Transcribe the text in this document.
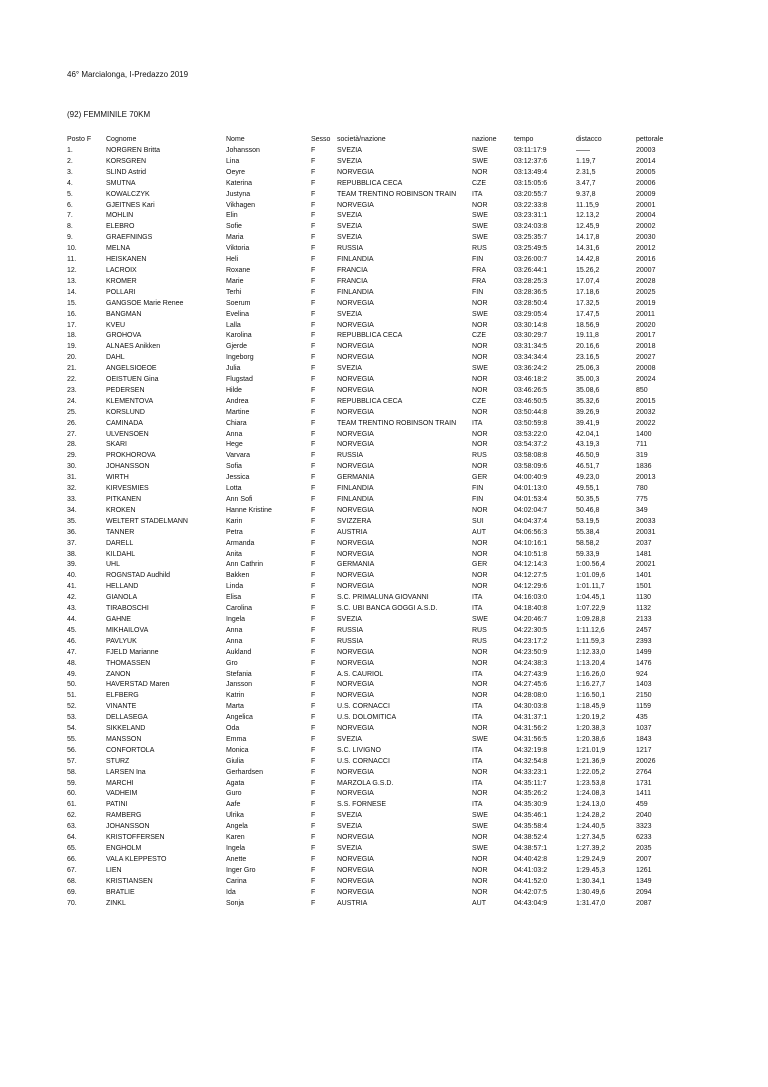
46° Marcialonga, I-Predazzo 2019
(92) FEMMINILE 70KM
Posto F	Cognome	Nome	Sesso	società/nazione	nazione	tempo	distacco	pettorale
1.	NORGREN Britta	Johansson	F	SVEZIA	SWE	03:11:17:9	——	20003
2.	KORSGREN	Lina	F	SVEZIA	SWE	03:12:37:6	1.19,7	20014
3.	SLIND Astrid	Oeyre	F	NORVEGIA	NOR	03:13:49:4	2.31,5	20005
4.	SMUTNA	Katerina	F	REPUBBLICA CECA	CZE	03:15:05:6	3.47,7	20006
5.	KOWALCZYK	Justyna	F	TEAM TRENTINO ROBINSON TRAIN	ITA	03:20:55:7	9.37,8	20009
6.	GJEITNES Kari	Vikhagen	F	NORVEGIA	NOR	03:22:33:8	11.15,9	20001
7.	MOHLIN	Elin	F	SVEZIA	SWE	03:23:31:1	12.13,2	20004
8.	ELEBRO	Sofie	F	SVEZIA	SWE	03:24:03:8	12.45,9	20002
9.	GRAEFNINGS	Maria	F	SVEZIA	SWE	03:25:35:7	14.17,8	20030
10.	MELNA	Viktoria	F	RUSSIA	RUS	03:25:49:5	14.31,6	20012
11.	HEISKANEN	Heli	F	FINLANDIA	FIN	03:26:00:7	14.42,8	20016
12.	LACROIX	Roxane	F	FRANCIA	FRA	03:26:44:1	15.26,2	20007
13.	KROMER	Marie	F	FRANCIA	FRA	03:28:25:3	17.07,4	20028
14.	POLLARI	Terhi	F	FINLANDIA	FIN	03:28:36:5	17.18,6	20025
15.	GANGSOE Marie Renee	Soerum	F	NORVEGIA	NOR	03:28:50:4	17.32,5	20019
16.	BANGMAN	Evelina	F	SVEZIA	SWE	03:29:05:4	17.47,5	20011
17.	KVEU	Lalla	F	NORVEGIA	NOR	03:30:14:8	18.56,9	20020
18.	GROHOVA	Karolina	F	REPUBBLICA CECA	CZE	03:30:29:7	19.11,8	20017
19.	ALNAES Anikken	Gjerde	F	NORVEGIA	NOR	03:31:34:5	20.16,6	20018
20.	DAHL	Ingeborg	F	NORVEGIA	NOR	03:34:34:4	23.16,5	20027
21.	ANGELSIOEOE	Julia	F	SVEZIA	SWE	03:36:24:2	25.06,3	20008
22.	OEISTUEN Gina	Flugstad	F	NORVEGIA	NOR	03:46:18:2	35.00,3	20024
23.	PEDERSEN	Hilde	F	NORVEGIA	NOR	03:46:26:5	35.08,6	850
24.	KLEMENTOVA	Andrea	F	REPUBBLICA CECA	CZE	03:46:50:5	35.32,6	20015
25.	KORSLUND	Martine	F	NORVEGIA	NOR	03:50:44:8	39.26,9	20032
26.	CAMINADA	Chiara	F	TEAM TRENTINO ROBINSON TRAIN	ITA	03:50:59:8	39.41,9	20022
27.	ULVENSOEN	Anna	F	NORVEGIA	NOR	03:53:22:0	42.04,1	1400
28.	SKARI	Hege	F	NORVEGIA	NOR	03:54:37:2	43.19,3	711
29.	PROKHOROVA	Varvara	F	RUSSIA	RUS	03:58:08:8	46.50,9	319
30.	JOHANSSON	Sofia	F	NORVEGIA	NOR	03:58:09:6	46.51,7	1836
31.	WIRTH	Jessica	F	GERMANIA	GER	04:00:40:9	49.23,0	20013
32.	KIRVESMIES	Lotta	F	FINLANDIA	FIN	04:01:13:0	49.55,1	780
33.	PITKANEN	Ann Sofi	F	FINLANDIA	FIN	04:01:53:4	50.35,5	775
34.	KROKEN	Hanne Kristine	F	NORVEGIA	NOR	04:02:04:7	50.46,8	349
35.	WELTERT STADELMANN	Karin	F	SVIZZERA	SUI	04:04:37:4	53.19,5	20033
36.	TANNER	Petra	F	AUSTRIA	AUT	04:06:56:3	55.38,4	20031
37.	DARELL	Armanda	F	NORVEGIA	NOR	04:10:16:1	58.58,2	2037
38.	KILDAHL	Anita	F	NORVEGIA	NOR	04:10:51:8	59.33,9	1481
39.	UHL	Ann Cathrin	F	GERMANIA	GER	04:12:14:3	1:00.56,4	20021
40.	ROGNSTAD Audhild	Bakken	F	NORVEGIA	NOR	04:12:27:5	1:01.09,6	1401
41.	HELLAND	Linda	F	NORVEGIA	NOR	04:12:29:6	1:01.11,7	1501
42.	GIANOLA	Elisa	F	S.C. PRIMALUNA GIOVANNI	ITA	04:16:03:0	1:04.45,1	1130
43.	TIRABOSCHI	Carolina	F	S.C. UBI BANCA GOGGI A.S.D.	ITA	04:18:40:8	1:07.22,9	1132
44.	GAHNE	Ingela	F	SVEZIA	SWE	04:20:46:7	1:09.28,8	2133
45.	MIKHAILOVA	Anna	F	RUSSIA	RUS	04:22:30:5	1:11.12,6	2457
46.	PAVLYUK	Anna	F	RUSSIA	RUS	04:23:17:2	1:11.59,3	2393
47.	FJELD Marianne	Aukland	F	NORVEGIA	NOR	04:23:50:9	1:12.33,0	1499
48.	THOMASSEN	Gro	F	NORVEGIA	NOR	04:24:38:3	1:13.20,4	1476
49.	ZANON	Stefania	F	A.S. CAURIOL	ITA	04:27:43:9	1:16.26,0	924
50.	HAVERSTAD Maren	Jansson	F	NORVEGIA	NOR	04:27:45:6	1:16.27,7	1403
51.	ELFBERG	Katrin	F	NORVEGIA	NOR	04:28:08:0	1:16.50,1	2150
52.	VINANTE	Marta	F	U.S. CORNACCI	ITA	04:30:03:8	1:18.45,9	1159
53.	DELLASEGA	Angelica	F	U.S. DOLOMITICA	ITA	04:31:37:1	1:20.19,2	435
54.	SIKKELAND	Oda	F	NORVEGIA	NOR	04:31:56:2	1:20.38,3	1037
55.	MANSSON	Emma	F	SVEZIA	SWE	04:31:56:5	1:20.38,6	1843
56.	CONFORTOLA	Monica	F	S.C. LIVIGNO	ITA	04:32:19:8	1:21.01,9	1217
57.	STURZ	Giulia	F	U.S. CORNACCI	ITA	04:32:54:8	1:21.36,9	20026
58.	LARSEN Ina	Gerhardsen	F	NORVEGIA	NOR	04:33:23:1	1:22.05,2	2764
59.	MARCHI	Agata	F	MARZOLA G.S.D.	ITA	04:35:11:7	1:23.53,8	1731
60.	VADHEIM	Guro	F	NORVEGIA	NOR	04:35:26:2	1:24.08,3	1411
61.	PATINI	Aafe	F	S.S. FORNESE	ITA	04:35:30:9	1:24.13,0	459
62.	RAMBERG	Ulrika	F	SVEZIA	SWE	04:35:46:1	1:24.28,2	2040
63.	JOHANSSON	Angela	F	SVEZIA	SWE	04:35:58:4	1:24.40,5	3323
64.	KRISTOFFERSEN	Karen	F	NORVEGIA	NOR	04:38:52:4	1:27.34,5	6233
65.	ENGHOLM	Ingela	F	SVEZIA	SWE	04:38:57:1	1:27.39,2	2035
66.	VALA KLEPPESTO	Anette	F	NORVEGIA	NOR	04:40:42:8	1:29.24,9	2007
67.	LIEN	Inger Gro	F	NORVEGIA	NOR	04:41:03:2	1:29.45,3	1261
68.	KRISTIANSEN	Carina	F	NORVEGIA	NOR	04:41:52:0	1:30.34,1	1349
69.	BRATLIE	Ida	F	NORVEGIA	NOR	04:42:07:5	1:30.49,6	2094
70.	ZINKL	Sonja	F	AUSTRIA	AUT	04:43:04:9	1:31.47,0	2087
